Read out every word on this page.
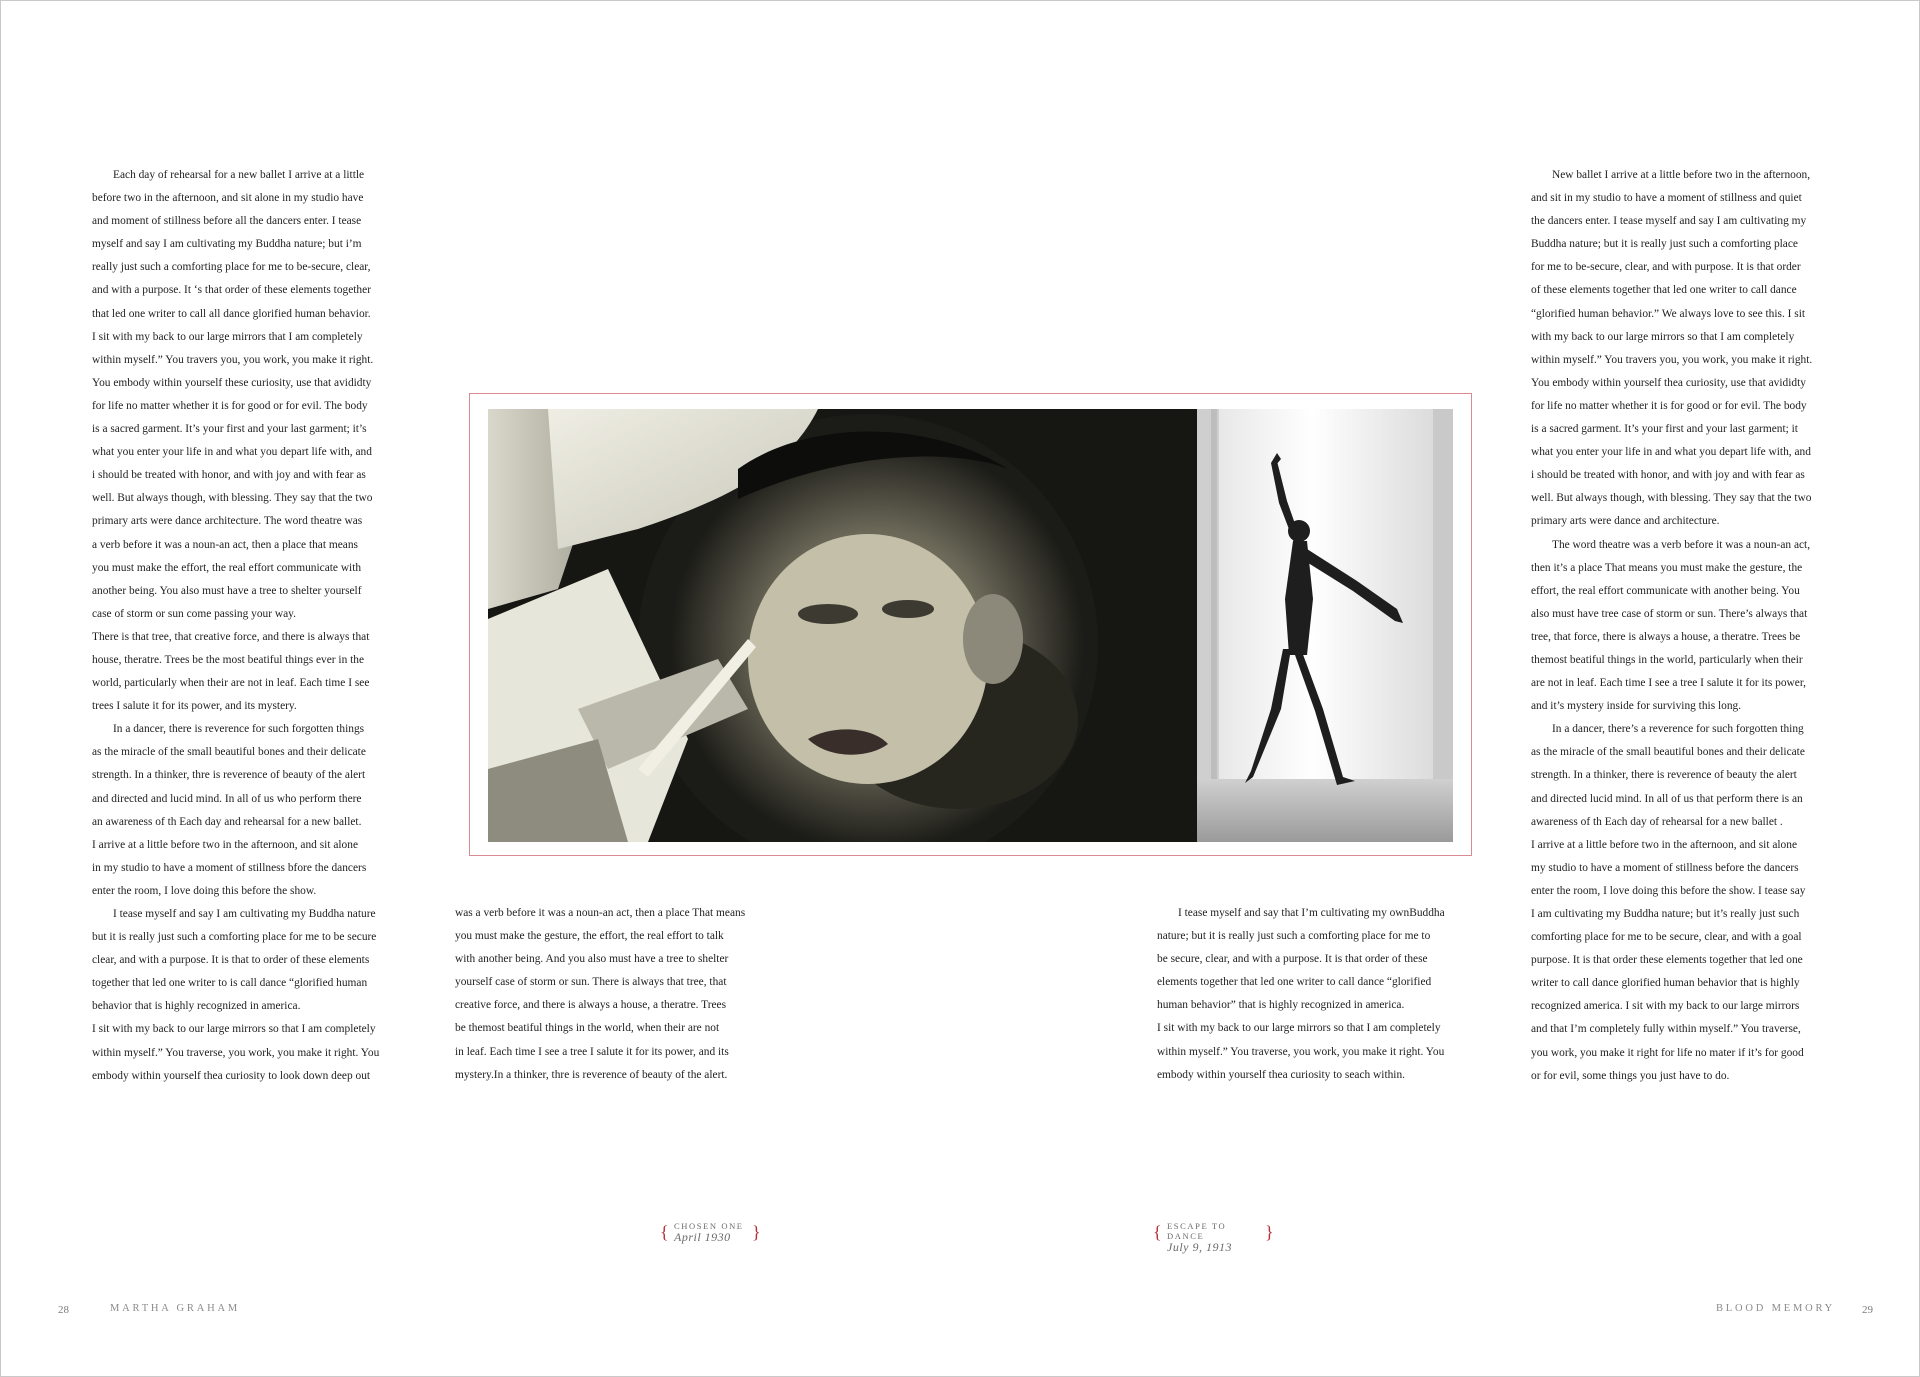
Each day of rehearsal for a new ballet I arrive at a little
before two in the afternoon, and sit alone in my studio have
and moment of stillness before all the dancers enter. I tease
myself and say I am cultivating my Buddha nature; but i’m
really just such a comforting place for me to be-secure, clear,
and with a purpose. It ‘s that order of these elements together
that led one writer to call all dance glorified human behavior.
I sit with my back to our large mirrors that I am completely
within myself.” You travers you, you work, you make it right.
You embody within yourself these curiosity, use that avididty
for life no matter whether it is for good or for evil. The body
is a sacred garment. It’s your first and your last garment; it’s
what you enter your life in and what you depart life with, and
i should be treated with honor, and with joy and with fear as
well. But always though, with blessing. They say that the two
primary arts were dance architecture. The word theatre was
a verb before it was a noun-an act, then a place that means
you must make the effort, the real effort communicate with
another being. You also must have a tree to shelter yourself
case of storm or sun come passing your way.
There is that tree, that creative force, and there is always that
house, theratre. Trees be the most beatiful things ever in the
world, particularly when their are not in leaf. Each time I see
trees I salute it for its power, and its mystery.
In a dancer, there is reverence for such forgotten things
as the miracle of the small beautiful bones and their delicate
strength. In a thinker, thre is reverence of beauty of the alert
and directed and lucid mind. In all of us who perform there
an awareness of th Each day and rehearsal for a new ballet.
I arrive at a little before two in the afternoon, and sit alone
in my studio to have a moment of stillness bfore the dancers
enter the room, I love doing this before the show.
I tease myself and say I am cultivating my Buddha nature
but it is really just such a comforting place for me to be secure
clear, and with a purpose. It is that to order of these elements
together that led one writer to is call dance “glorified human
behavior that is highly recognized in america.
I sit with my back to our large mirrors so that I am completely
within myself.” You traverse, you work, you make it right. You
embody within yourself thea curiosity to look down deep out
was a verb before it was a noun-an act, then a place That means
you must make the gesture, the effort, the real effort to talk
with another being. And you also must have a tree to shelter
yourself case of storm or sun. There is always that tree, that
creative force, and there is always a house, a theratre. Trees
be themost beatiful things in the world, when their are not
in leaf. Each time I see a tree I salute it for its power, and its
mystery.In a thinker, thre is reverence of beauty of the alert.
I tease myself and say that I’m cultivating my ownBuddha
nature; but it is really just such a comforting place for me to
be secure, clear, and with a purpose. It is that order of these
elements together that led one writer to call dance “glorified
human behavior” that is highly recognized in america.
I sit with my back to our large mirrors so that I am completely
within myself.” You traverse, you work, you make it right. You
embody within yourself thea curiosity to seach within.
New ballet I arrive at a little before two in the afternoon,
and sit in my studio to have a moment of stillness and quiet
the dancers enter. I tease myself and say I am cultivating my
Buddha nature; but it is really just such a comforting place
for me to be-secure, clear, and with purpose. It is that order
of these elements together that led one writer to call dance
“glorified human behavior.” We always love to see this. I sit
with my back to our large mirrors so that I am completely
within myself.” You travers you, you work, you make it right.
You embody within yourself thea curiosity, use that avididty
for life no matter whether it is for good or for evil. The body
is a sacred garment. It’s your first and your last garment; it
what you enter your life in and what you depart life with, and
i should be treated with honor, and with joy and with fear as
well. But always though, with blessing. They say that the two
primary arts were dance and architecture.
The word theatre was a verb before it was a noun-an act,
then it’s a place That means you must make the gesture, the
effort, the real effort communicate with another being. You
also must have tree case of storm or sun. There’s always that
tree, that force, there is always a house, a theratre. Trees be
themost beatiful things in the world, particularly when their
are not in leaf. Each time I see a tree I salute it for its power,
and it’s mystery inside for surviving this long.
In a dancer, there’s a reverence for such forgotten thing
as the miracle of the small beautiful bones and their delicate
strength. In a thinker, there is reverence of beauty the alert
and directed lucid mind. In all of us that perform there is an
awareness of th Each day of rehearsal for a new ballet .
I arrive at a little before two in the afternoon, and sit alone
my studio to have a moment of stillness before the dancers
enter the room, I love doing this before the show. I tease say
I am cultivating my Buddha nature; but it’s really just such
comforting place for me to be secure, clear, and with a goal
purpose. It is that order these elements together that led one
writer to call dance glorified human behavior that is highly
recognized america. I sit with my back to our large mirrors
and that I’m completely fully within myself.” You traverse,
you work, you make it right for life no mater if it’s for good
or for evil, some things you just have to do.
{ CHOSEN ONE
April 1930	}	{ ESCAPE TO DANCE
July 9, 1913
}
28	MARTHA GRAHAM	BLOOD MEMORY 29
